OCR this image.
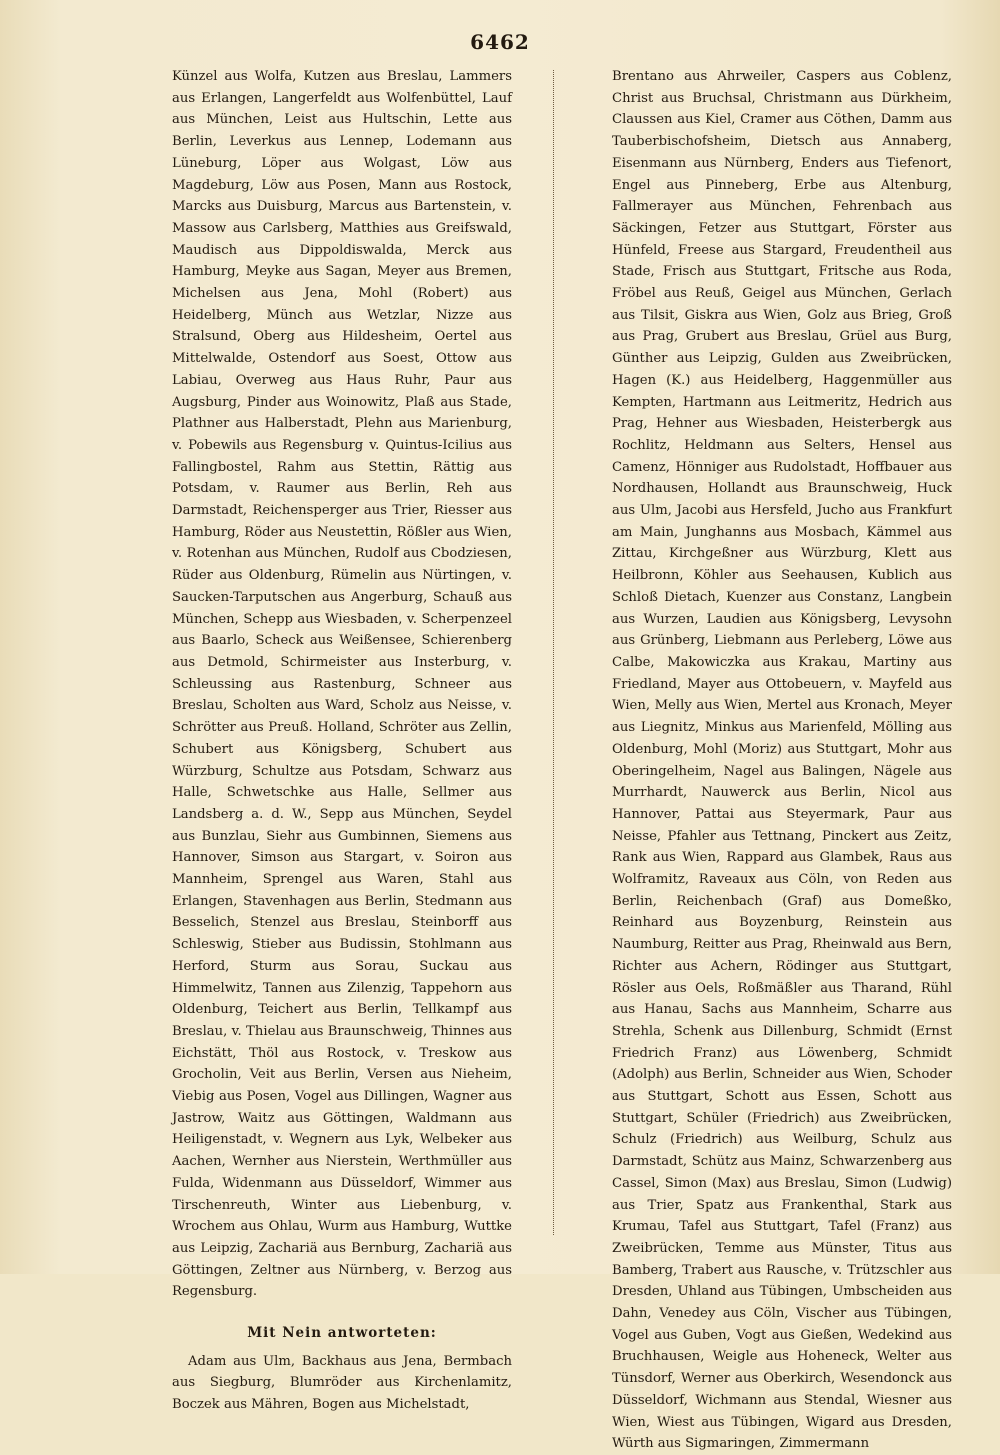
6462

Künzel aus Wolfa, Kutzen aus Breslau, Lammers aus Erlangen, Langerfeldt aus Wolfenbüttel, Lauf aus München, Leist aus Hultschin, Lette aus Berlin, Leverkus aus Lennep, Lodemann aus Lüneburg, Löper aus Wolgast, Löw aus Magdeburg, Löw aus Posen, Mann aus Rostock, Marcks aus Duisburg, Marcus aus Bartenstein, v. Massow aus Carlsberg, Matthies aus Greifswald, Maudisch aus Dippoldiswalda, Merck aus Hamburg, Meyke aus Sagan, Meyer aus Bremen, Michelsen aus Jena, Mohl (Robert) aus Heidelberg, Münch aus Wetzlar, Nizze aus Stralsund, Oberg aus Hildesheim, Oertel aus Mittelwalde, Ostendorf aus Soest, Ottow aus Labiau, Overweg aus Haus Ruhr, Paur aus Augsburg, Pinder aus Woinowitz, Plaß aus Stade, Plathner aus Halberstadt, Plehn aus Marienburg, v. Pobewils aus Regensburg v. Quintus-Icilius aus Fallingbostel, Rahm aus Stettin, Rättig aus Potsdam, v. Raumer aus Berlin, Reh aus Darmstadt, Reichensperger aus Trier, Riesser aus Hamburg, Röder aus Neustettin, Rößler aus Wien, v. Rotenhan aus München, Rudolf aus Cbodziesen, Rüder aus Oldenburg, Rümelin aus Nürtingen, v. Saucken-Tarputschen aus Angerburg, Schauß aus München, Schepp aus Wiesbaden, v. Scherpenzeel aus Baarlo, Scheck aus Weißensee, Schierenberg aus Detmold, Schirmeister aus Insterburg, v. Schleussing aus Rastenburg, Schneer aus Breslau, Scholten aus Ward, Scholz aus Neisse, v. Schrötter aus Preuß. Holland, Schröter aus Zellin, Schubert aus Königsberg, Schubert aus Würzburg, Schultze aus Potsdam, Schwarz aus Halle, Schwetschke aus Halle, Sellmer aus Landsberg a. d. W., Sepp aus München, Seydel aus Bunzlau, Siehr aus Gumbinnen, Siemens aus Hannover, Simson aus Stargart, v. Soiron aus Mannheim, Sprengel aus Waren, Stahl aus Erlangen, Stavenhagen aus Berlin, Stedmann aus Besselich, Stenzel aus Breslau, Steinborff aus Schleswig, Stieber aus Budissin, Stohlmann aus Herford, Sturm aus Sorau, Suckau aus Himmelwitz, Tannen aus Zilenzig, Tappehorn aus Oldenburg, Teichert aus Berlin, Tellkampf aus Breslau, v. Thielau aus Braunschweig, Thinnes aus Eichstätt, Thöl aus Rostock, v. Treskow aus Grocholin, Veit aus Berlin, Versen aus Nieheim, Viebig aus Posen, Vogel aus Dillingen, Wagner aus Jastrow, Waitz aus Göttingen, Waldmann aus Heiligenstadt, v. Wegnern aus Lyk, Welbeker aus Aachen, Wernher aus Nierstein, Werthmüller aus Fulda, Widenmann aus Düsseldorf, Wimmer aus Tirschenreuth, Winter aus Liebenburg, v. Wrochem aus Ohlau, Wurm aus Hamburg, Wuttke aus Leipzig, Zachariä aus Bernburg, Zachariä aus Göttingen, Zeltner aus Nürnberg, v. Berzog aus Regensburg.

Mit Nein antworteten:

Adam aus Ulm, Backhaus aus Jena, Bermbach aus Siegburg, Blumröder aus Kirchenlamitz, Boczek aus Mähren, Bogen aus Michelstadt,

Brentano aus Ahrweiler, Caspers aus Coblenz, Christ aus Bruchsal, Christmann aus Dürkheim, Claussen aus Kiel, Cramer aus Cöthen, Damm aus Tauberbischofsheim, Dietsch aus Annaberg, Eisenmann aus Nürnberg, Enders aus Tiefenort, Engel aus Pinneberg, Erbe aus Altenburg, Fallmerayer aus München, Fehrenbach aus Säckingen, Fetzer aus Stuttgart, Förster aus Hünfeld, Freese aus Stargard, Freudentheil aus Stade, Frisch aus Stuttgart, Fritsche aus Roda, Fröbel aus Reuß, Geigel aus München, Gerlach aus Tilsit, Giskra aus Wien, Golz aus Brieg, Groß aus Prag, Grubert aus Breslau, Grüel aus Burg, Günther aus Leipzig, Gulden aus Zweibrücken, Hagen (K.) aus Heidelberg, Haggenmüller aus Kempten, Hartmann aus Leitmeritz, Hedrich aus Prag, Hehner aus Wiesbaden, Heisterbergk aus Rochlitz, Heldmann aus Selters, Hensel aus Camenz, Hönniger aus Rudolstadt, Hoffbauer aus Nordhausen, Hollandt aus Braunschweig, Huck aus Ulm, Jacobi aus Hersfeld, Jucho aus Frankfurt am Main, Junghanns aus Mosbach, Kämmel aus Zittau, Kirchgeßner aus Würzburg, Klett aus Heilbronn, Köhler aus Seehausen, Kublich aus Schloß Dietach, Kuenzer aus Constanz, Langbein aus Wurzen, Laudien aus Königsberg, Levysohn aus Grünberg, Liebmann aus Perleberg, Löwe aus Calbe, Makowiczka aus Krakau, Martiny aus Friedland, Mayer aus Ottobeuern, v. Mayfeld aus Wien, Melly aus Wien, Mertel aus Kronach, Meyer aus Liegnitz, Minkus aus Marienfeld, Mölling aus Oldenburg, Mohl (Moriz) aus Stuttgart, Mohr aus Oberingelheim, Nagel aus Balingen, Nägele aus Murrhardt, Nauwerck aus Berlin, Nicol aus Hannover, Pattai aus Steyermark, Paur aus Neisse, Pfahler aus Tettnang, Pinckert aus Zeitz, Rank aus Wien, Rappard aus Glambek, Raus aus Wolframitz, Raveaux aus Cöln, von Reden aus Berlin, Reichenbach (Graf) aus Domeßko, Reinhard aus Boyzenburg, Reinstein aus Naumburg, Reitter aus Prag, Rheinwald aus Bern, Richter aus Achern, Rödinger aus Stuttgart, Rösler aus Oels, Roßmäßler aus Tharand, Rühl aus Hanau, Sachs aus Mannheim, Scharre aus Strehla, Schenk aus Dillenburg, Schmidt (Ernst Friedrich Franz) aus Löwenberg, Schmidt (Adolph) aus Berlin, Schneider aus Wien, Schoder aus Stuttgart, Schott aus Essen, Schott aus Stuttgart, Schüler (Friedrich) aus Zweibrücken, Schulz (Friedrich) aus Weilburg, Schulz aus Darmstadt, Schütz aus Mainz, Schwarzenberg aus Cassel, Simon (Max) aus Breslau, Simon (Ludwig) aus Trier, Spatz aus Frankenthal, Stark aus Krumau, Tafel aus Stuttgart, Tafel (Franz) aus Zweibrücken, Temme aus Münster, Titus aus Bamberg, Trabert aus Rausche, v. Trützschler aus Dresden, Uhland aus Tübingen, Umbscheiden aus Dahn, Venedey aus Cöln, Vischer aus Tübingen, Vogel aus Guben, Vogt aus Gießen, Wedekind aus Bruchhausen, Weigle aus Hoheneck, Welter aus Tünsdorf, Werner aus Oberkirch, Wesendonck aus Düsseldorf, Wichmann aus Stendal, Wiesner aus Wien, Wiest aus Tübingen, Wigard aus Dresden, Würth aus Sigmaringen, Zimmermann
